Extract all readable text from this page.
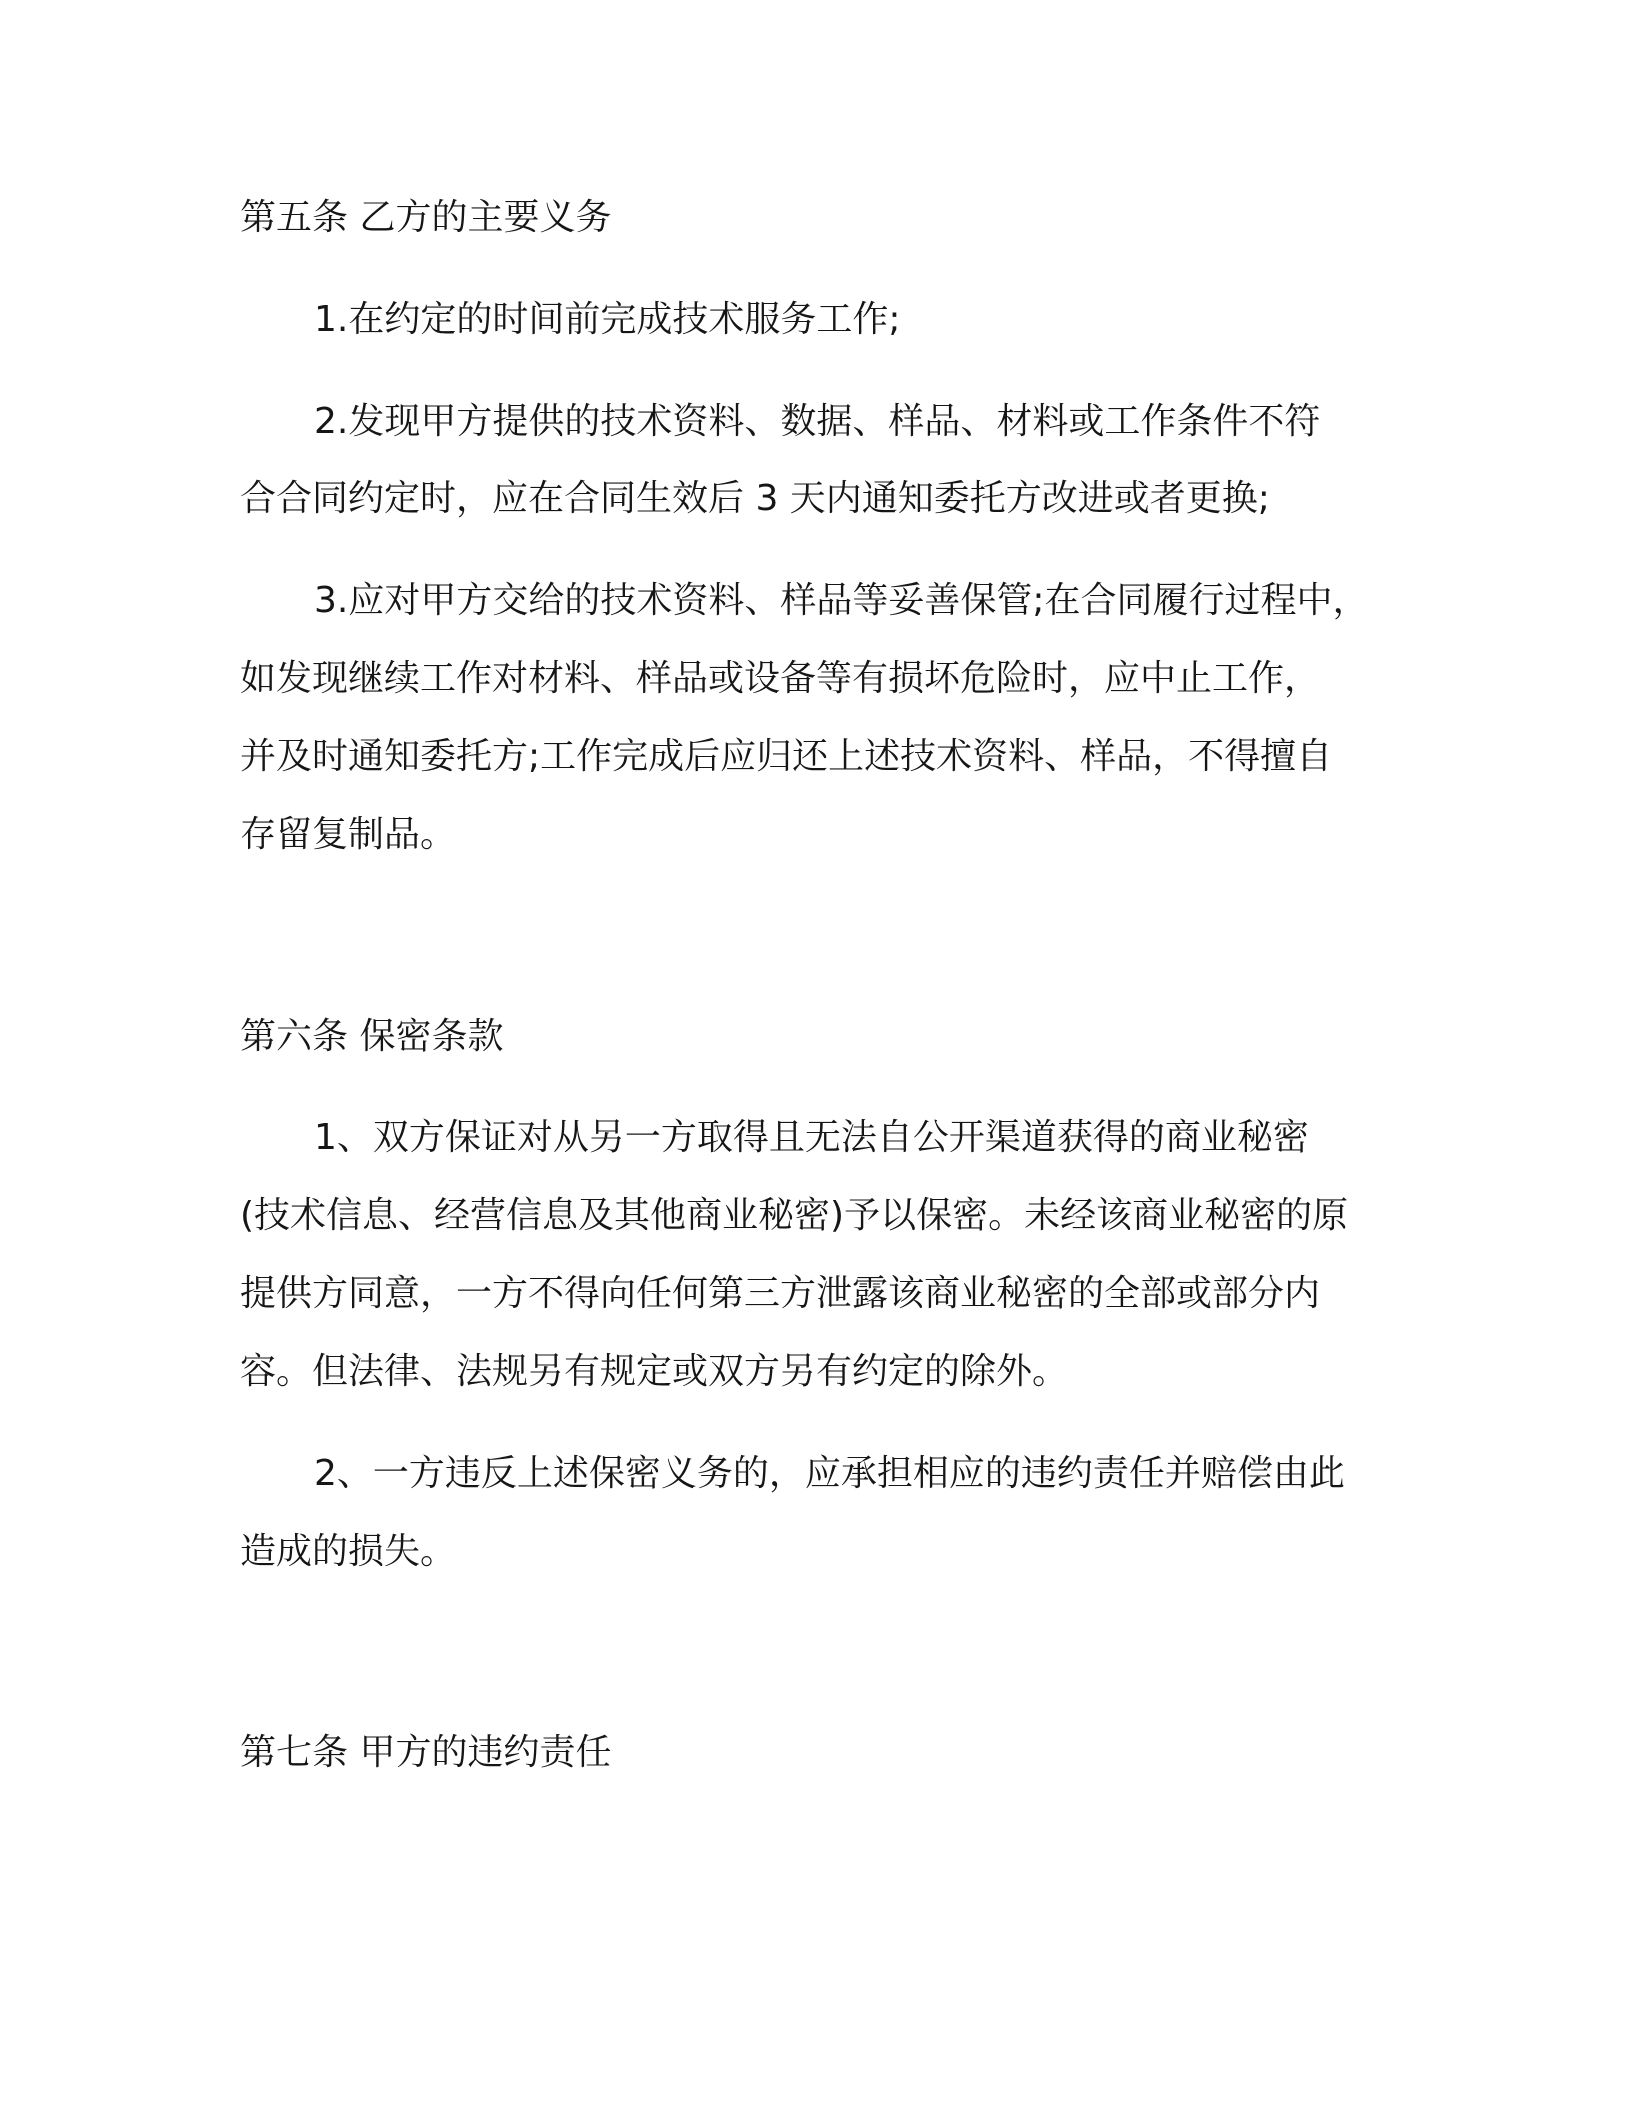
第五条 乙方的主要义务

1.在约定的时间前完成技术服务工作;

2.发现甲方提供的技术资料、数据、样品、材料或工作条件不符

合合同约定时，应在合同生效后 3 天内通知委托方改进或者更换;

3.应对甲方交给的技术资料、样品等妥善保管;在合同履行过程中，

如发现继续工作对材料、样品或设备等有损坏危险时，应中止工作，

并及时通知委托方;工作完成后应归还上述技术资料、样品，不得擅自

存留复制品。

第六条 保密条款

1、双方保证对从另一方取得且无法自公开渠道获得的商业秘密

(技术信息、经营信息及其他商业秘密)予以保密。未经该商业秘密的原

提供方同意，一方不得向任何第三方泄露该商业秘密的全部或部分内

容。但法律、法规另有规定或双方另有约定的除外。

2、一方违反上述保密义务的，应承担相应的违约责任并赔偿由此

造成的损失。

第七条 甲方的违约责任
